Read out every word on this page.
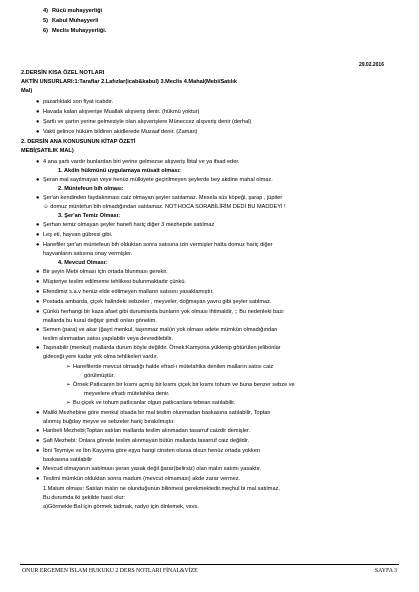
4) Rücü muhayyerliği
5) Kabul Muhayyerli
6) Meclis Muhayyerliği.
29.02.2016
2.DERSİN KISA ÖZEL NOTLARI
AKTİN UNSURLARI:1:Taraflar 2.Lafızlar(icab&kabul) 3.Meclis 4.Mahal(Mebi/Satılık
Mal)
● pazarlıktaki son fiyat icabdır.
● Havada kalan alışverişe Muallak alışveriş denir. (hükmü yoktur)
● Şartlı ve şartın yerine gelmesiyle olan alışverişlere Müneccez alışveriş denir (derhal)
● Vakti gelince hüküm bildiren akidlerede Muzaaf denir. (Zaman)
2. DERSİN ANA KONUSUNUN KİTAP ÖZETİ
MEBİ(SATILIK MAL)
● 4 ana şartı vardır bunlardan biri yerine gelmezse alışveriş İbtal ve ya ifsad eder.
1. Akdin hükmünü uygulamaya müsait olması:
● Şeran mal sayılmayan veye henüz mülkiyete geçirilmeyen şeylerde bey akdine mahal olmaz.
2. Müntefeun bih olması:
● Şer'an kendinden faydalınması caiz olmayan şeyler satılamaz. Mesela süs köpeği, şarap , jüpiter
☺ domuz müntefun bih olmadığından satılamaz. NOT:HOCA SORABİLİRİM DEDİ BU MADDEYİ !
3. Şer'an Temiz Olması:
● Şerhan temiz olmayan şeyler hanefi hariç diğer 3 mezhepde satılmaz
● Leş eti, hayvan gübresi gibi.
● Hanefiler şer'an müntefeun bih olduktan sonra satısına izin vermişler hatta domuz hariç diğer
hayvanların satısına onay vermişler.
4. Mevcud Olması:
● Bir şeyin Mebi olması için ortada blunması gerekir.
● Müşteriye teslim edilmeme tehlikesi bulunmaktadır çünkü.
● Efendimiz s.a.v henüz elde edilmeyen malların satısını yasaklamıştır.
● Postada ambarda, çiçek halindeki sebzeler , meyveler, doğmayan yavru gibi şeyler satılmaz.
● Çünkü herhangi bir kaza afaet gibi durumlarda bunların yok olması ihtimaldir, ;; Bu nedenleki bazı
mallarda bu kural değişir şimdi onları gönelim.
● Semen (para) ve akar (ğayri menkul, taşınmaz malı)n yok olması adete mümkün olmadığından
teslim alınmadan satısı yapılabilir veya devredilebilir.
● Taşınabilir (menkul) mallarda durum böyle değildir. Örnek:Kamyona yüklenip götürülen jelibonlar
gideceği yere kadar yok olma tehlikeleri vardır.
➢ Hanefilerde mevcut olmadığı halde efrad-ı mütelahika denilen malların satısı caiz
görülmüştür.
➢ Örnek:Patlıcanın bir kısmı açmış bir kısmı çiçek bir kısmı tohum ve buna benzer sebze ve
meyvelere efradı mütelahika denir.
➢ Bu çiçek ve tohum patlıcanlar olgun patlıcanlara tebean satılabilir.
● Maliki Mezhebine göre menkul olsada bir mal teslim olunmadan baskasına satılabilir, Toptan
alınmış buğday meyve ve sebzeler hariç bırakılmıştır.
● Hanbeli Mezhebi;Toptan satılan mallarda teslim alınmadan tasarruf caizdir demişler.
● Şafi Mezhebi: Onlara görede teslim alınmayan bütün mallarda tasarruf caiz değildir.
● İbni Teymiye ve İbn Kayyıma göre eşya hangi cinsten olursa olsun henüz ortada yokken
baskasına satılabilir
● Mevcud olmayanın satılması şeran yasak değil ğarar(belirsiz) olan malın satımı yasaktır.
● Teslimi mümkün olduktan sonra madum (mevcut olmaması) akde zarar vermez.
1.Malum olması: Satılan malın ne olunduğunun bilinmesi gerekmektedir.meçhul bi mal satılmaz.
Bu durumda iki şekilde hasıl olur:
a)Görmekle:Bal için görmek tadmak, radyo için dinlemek, vsvs.
ONUR ERGEMEN İSLAM HUKUKU 2 DERS NOTLARI FİNAL&VİZE	SAYFA 3
